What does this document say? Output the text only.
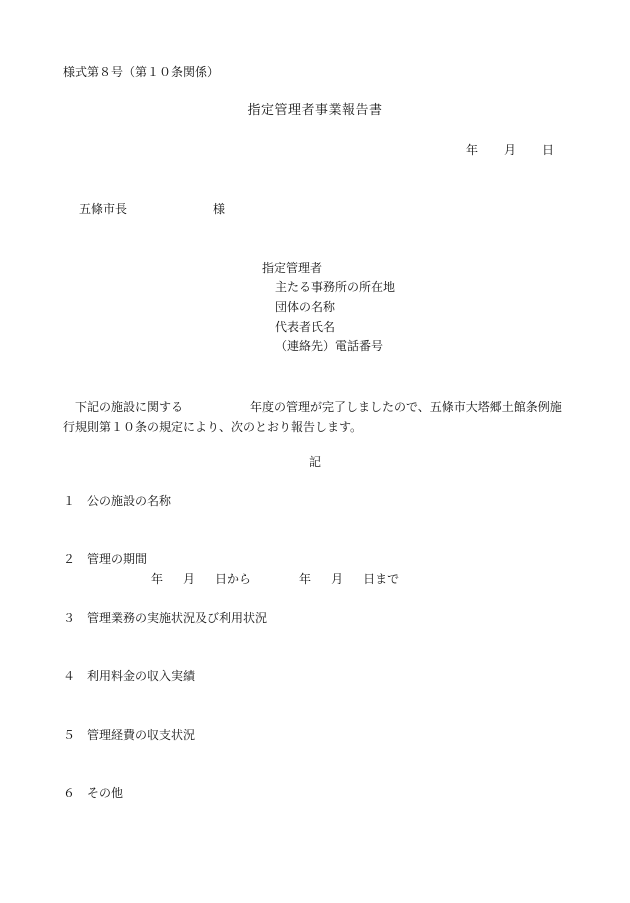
様式第８号（第１０条関係）
指定管理者事業報告書
年 月 日
五條市長	様
指定管理者
主たる事務所の所在地
団体の名称
代表者氏名
（連絡先）電話番号
下記の施設に関する	年度の管理が完了しましたので、五條市大塔郷土館条例施
行規則第１０条の規定により、次のとおり報告します。
記
１ 公の施設の名称
２ 管理の期間
年 月 日から	年 月 日まで
３ 管理業務の実施状況及び利用状況
４ 利用料金の収入実績
５ 管理経費の収支状況
６ その他
